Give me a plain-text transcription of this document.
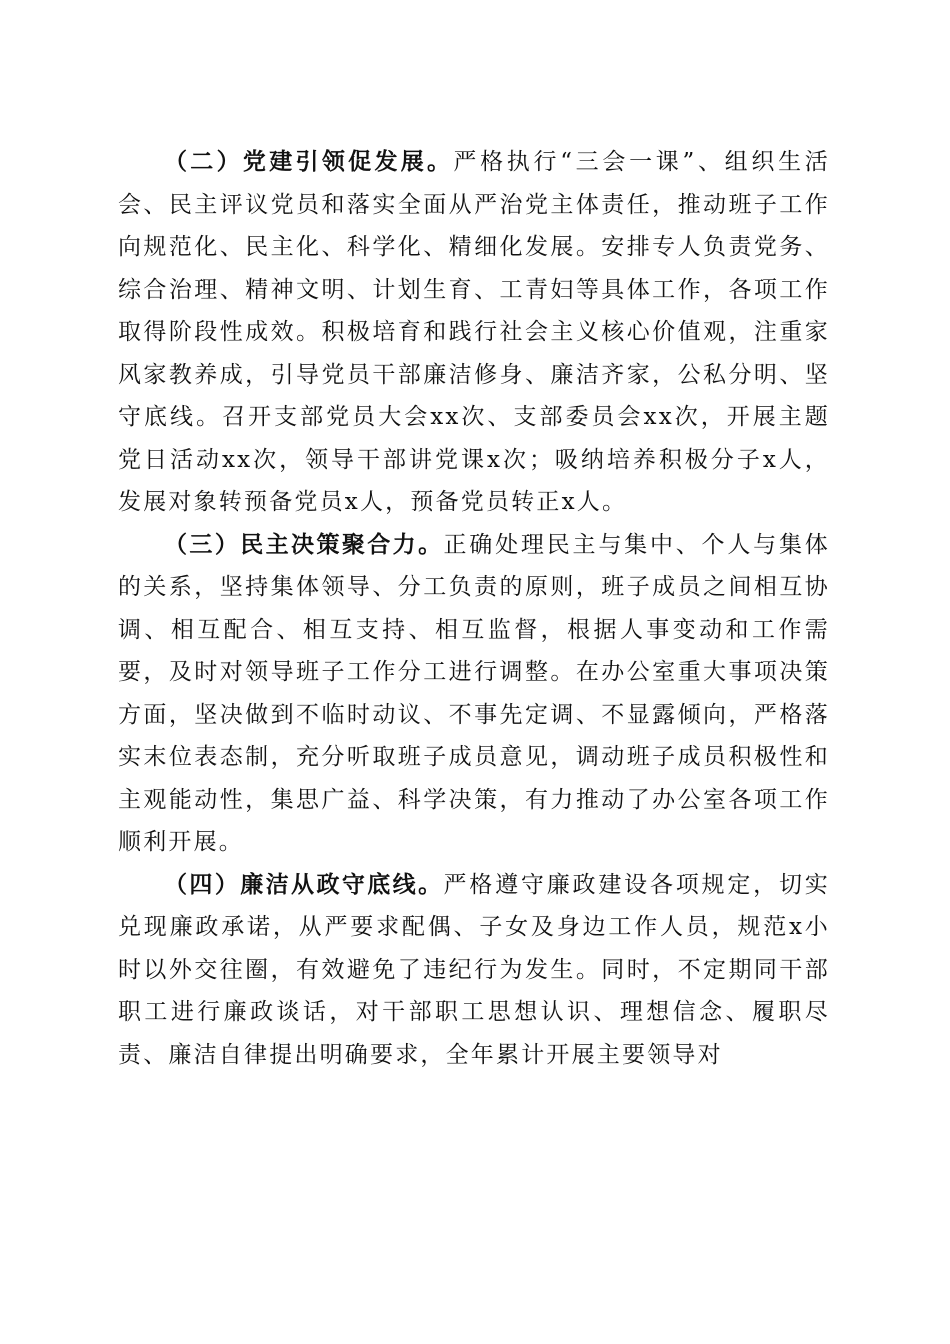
（二）党建引领促发展。严格执行“三会一课”、组织生活会、民主评议党员和落实全面从严治党主体责任，推动班子工作向规范化、民主化、科学化、精细化发展。安排专人负责党务、综合治理、精神文明、计划生育、工青妇等具体工作，各项工作取得阶段性成效。积极培育和践行社会主义核心价值观，注重家风家教养成，引导党员干部廉洁修身、廉洁齐家，公私分明、坚守底线。召开支部党员大会xx次、支部委员会xx次，开展主题党日活动xx次，领导干部讲党课x次；吸纳培养积极分子x人，发展对象转预备党员x人，预备党员转正x人。

（三）民主决策聚合力。正确处理民主与集中、个人与集体的关系，坚持集体领导、分工负责的原则，班子成员之间相互协调、相互配合、相互支持、相互监督，根据人事变动和工作需要，及时对领导班子工作分工进行调整。在办公室重大事项决策方面，坚决做到不临时动议、不事先定调、不显露倾向，严格落实末位表态制，充分听取班子成员意见，调动班子成员积极性和主观能动性，集思广益、科学决策，有力推动了办公室各项工作顺利开展。

（四）廉洁从政守底线。严格遵守廉政建设各项规定，切实兑现廉政承诺，从严要求配偶、子女及身边工作人员，规范x小时以外交往圈，有效避免了违纪行为发生。同时，不定期同干部职工进行廉政谈话，对干部职工思想认识、理想信念、履职尽责、廉洁自律提出明确要求，全年累计开展主要领导对
